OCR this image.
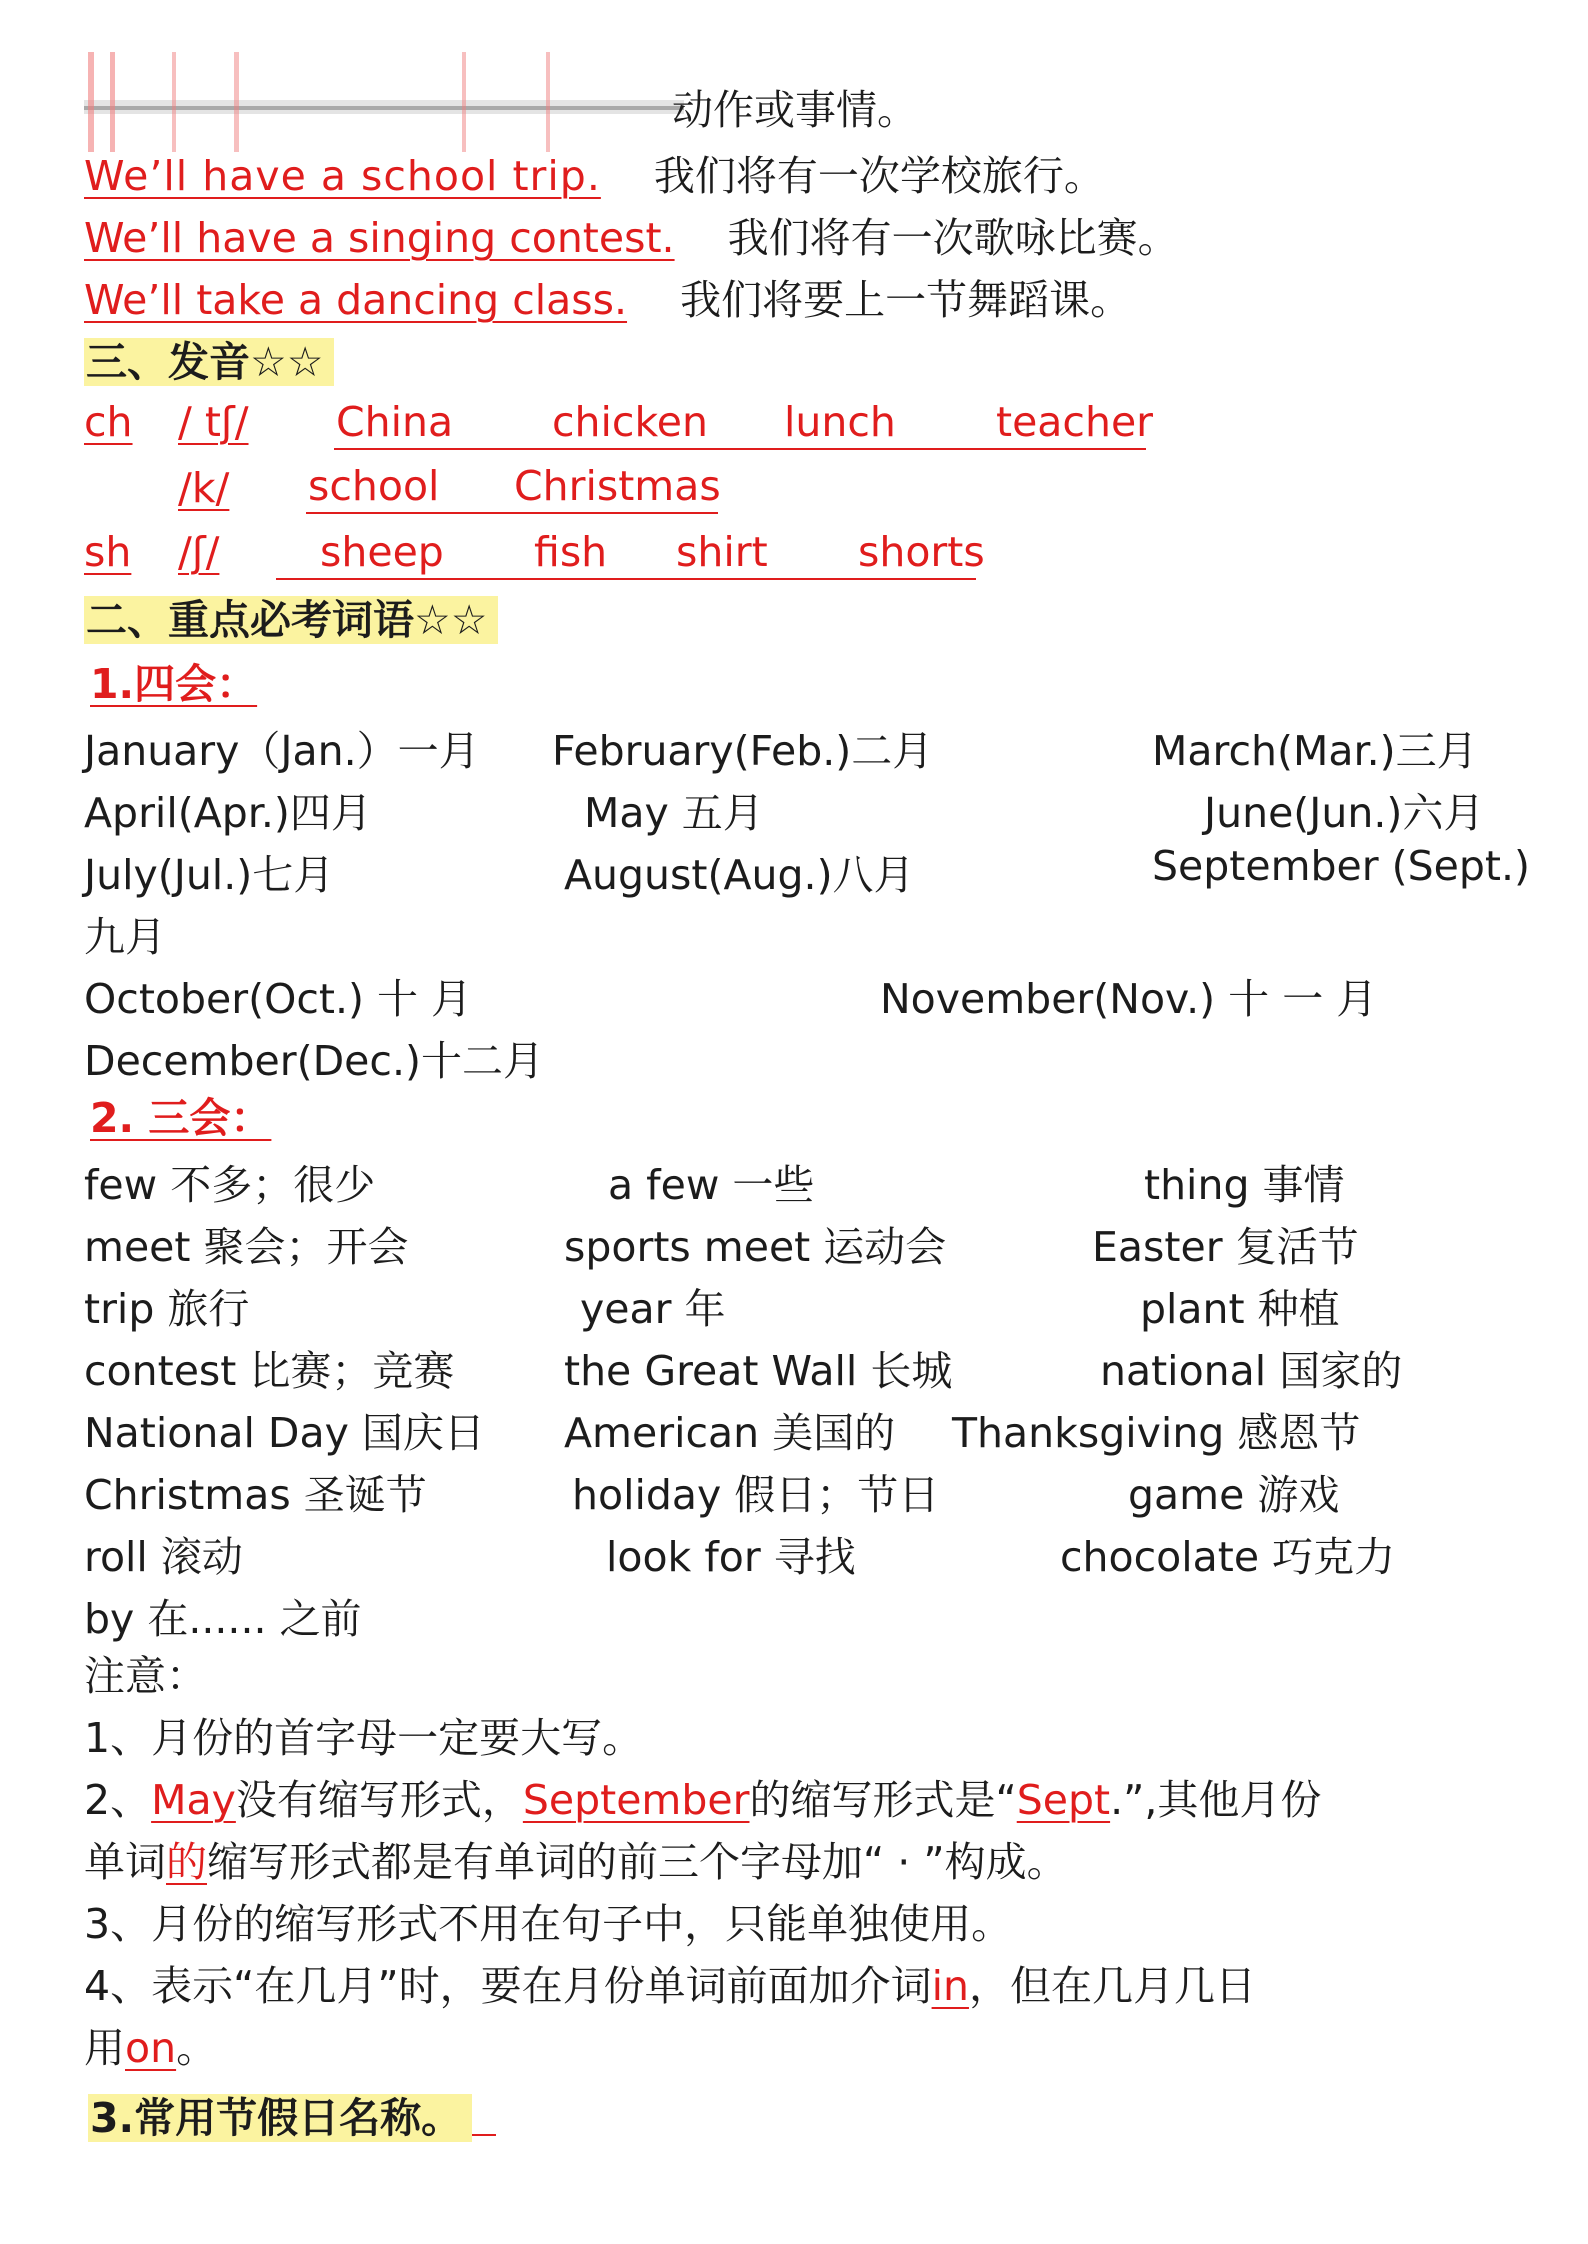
动作或事情。
We’ll have a school trip. 我们将有一次学校旅行。
We’ll have a singing contest. 我们将有一次歌咏比赛。
We’ll take a dancing class. 我们将要上一节舞蹈课。
三、发音☆☆
ch / tʃ/ China chicken lunch teacher
/k/ school Christmas
sh /ʃ/ sheep fish shirt shorts
二、重点必考词语☆☆
1.四会：
January（Jan.）一月 February(Feb.)二月	March(Mar.)三月
April(Apr.)四月	May 五月	June(Jun.)六月
July(Jul.)七月	August(Aug.)八月	September (Sept.)
九月
October(Oct.) 十 月	November(Nov.) 十 一 月
December(Dec.)十二月
2. 三会：
few 不多；很少	a few 一些	thing 事情
meet 聚会；开会	sports meet 运动会	Easter 复活节
trip 旅行	year 年	plant 种植
contest 比赛；竞赛	the Great Wall 长城	national 国家的
National Day 国庆日 American 美国的 Thanksgiving 感恩节
Christmas 圣诞节	holiday 假日；节日	game 游戏
roll 滚动	look for 寻找	chocolate 巧克力
by 在...... 之前
注意：
1、月份的首字母一定要大写。
2、May没有缩写形式，September的缩写形式是“Sept.”,其他月份
单词的缩写形式都是有单词的前三个字母加“ · ”构成。
3、月份的缩写形式不用在句子中，只能单独使用。
4、表示“在几月”时，要在月份单词前面加介词in，但在几月几日
用on。
3.常用节假日名称。
